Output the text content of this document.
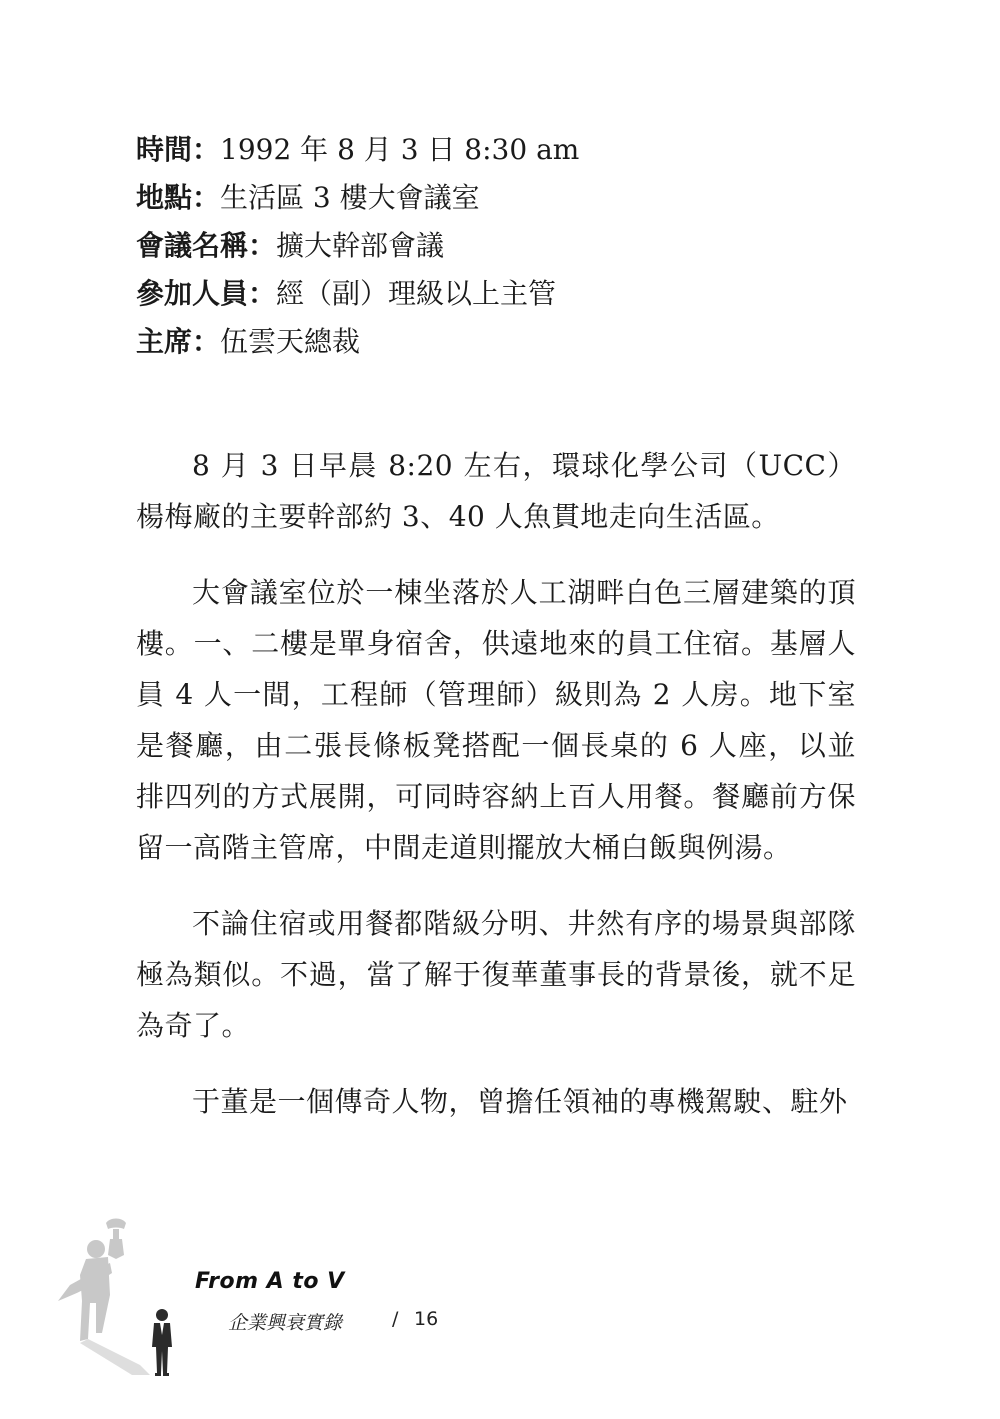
時間：1992 年 8 月 3 日 8:30 am
地點：生活區 3 樓大會議室
會議名稱：擴大幹部會議
參加人員：經（副）理級以上主管
主席：伍雲天總裁

8 月 3 日早晨 8:20 左右，環球化學公司（UCC）楊梅廠的主要幹部約 3、40 人魚貫地走向生活區。

大會議室位於一棟坐落於人工湖畔白色三層建築的頂樓。一、二樓是單身宿舍，供遠地來的員工住宿。基層人員 4 人一間，工程師（管理師）級則為 2 人房。地下室是餐廳，由二張長條板凳搭配一個長桌的 6 人座，以並排四列的方式展開，可同時容納上百人用餐。餐廳前方保留一高階主管席，中間走道則擺放大桶白飯與例湯。

不論住宿或用餐都階級分明、井然有序的場景與部隊極為類似。不過，當了解于復華董事長的背景後，就不足為奇了。

于董是一個傳奇人物，曾擔任領袖的專機駕駛、駐外

From A to V
企業興衰實錄	/ 16
